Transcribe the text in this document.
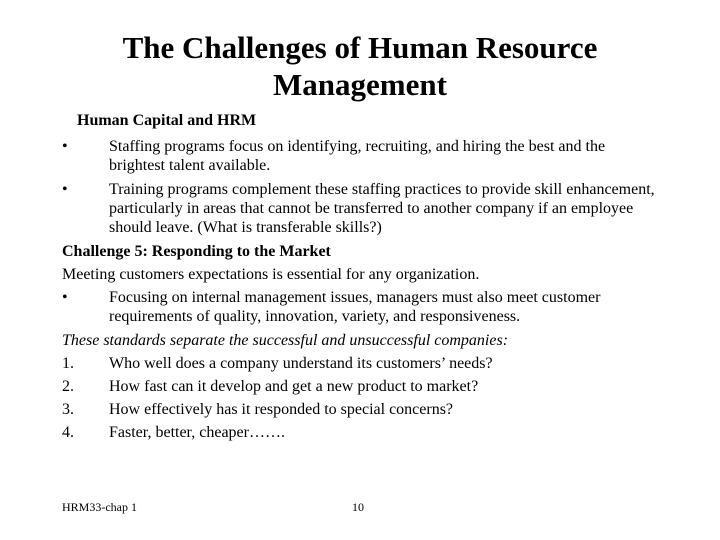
The Challenges of Human Resource
Management

Human Capital and HRM

•	Staffing programs focus on identifying, recruiting, and hiring the best and the brightest talent available.
•	Training programs complement these staffing practices to provide skill enhancement, particularly in areas that cannot be transferred to another company if an employee should leave. (What is transferable skills?)

Challenge 5: Responding to the Market

Meeting customers expectations is essential for any organization.

•	Focusing on internal management issues, managers must also meet customer requirements of quality, innovation, variety, and responsiveness.

These standards separate the successful and unsuccessful companies:

1.	Who well does a company understand its customers’ needs?
2.	How fast can it develop and get a new product to market?
3.	How effectively has it responded to special concerns?
4.	Faster, better, cheaper…….
HRM33-chap 1	10
